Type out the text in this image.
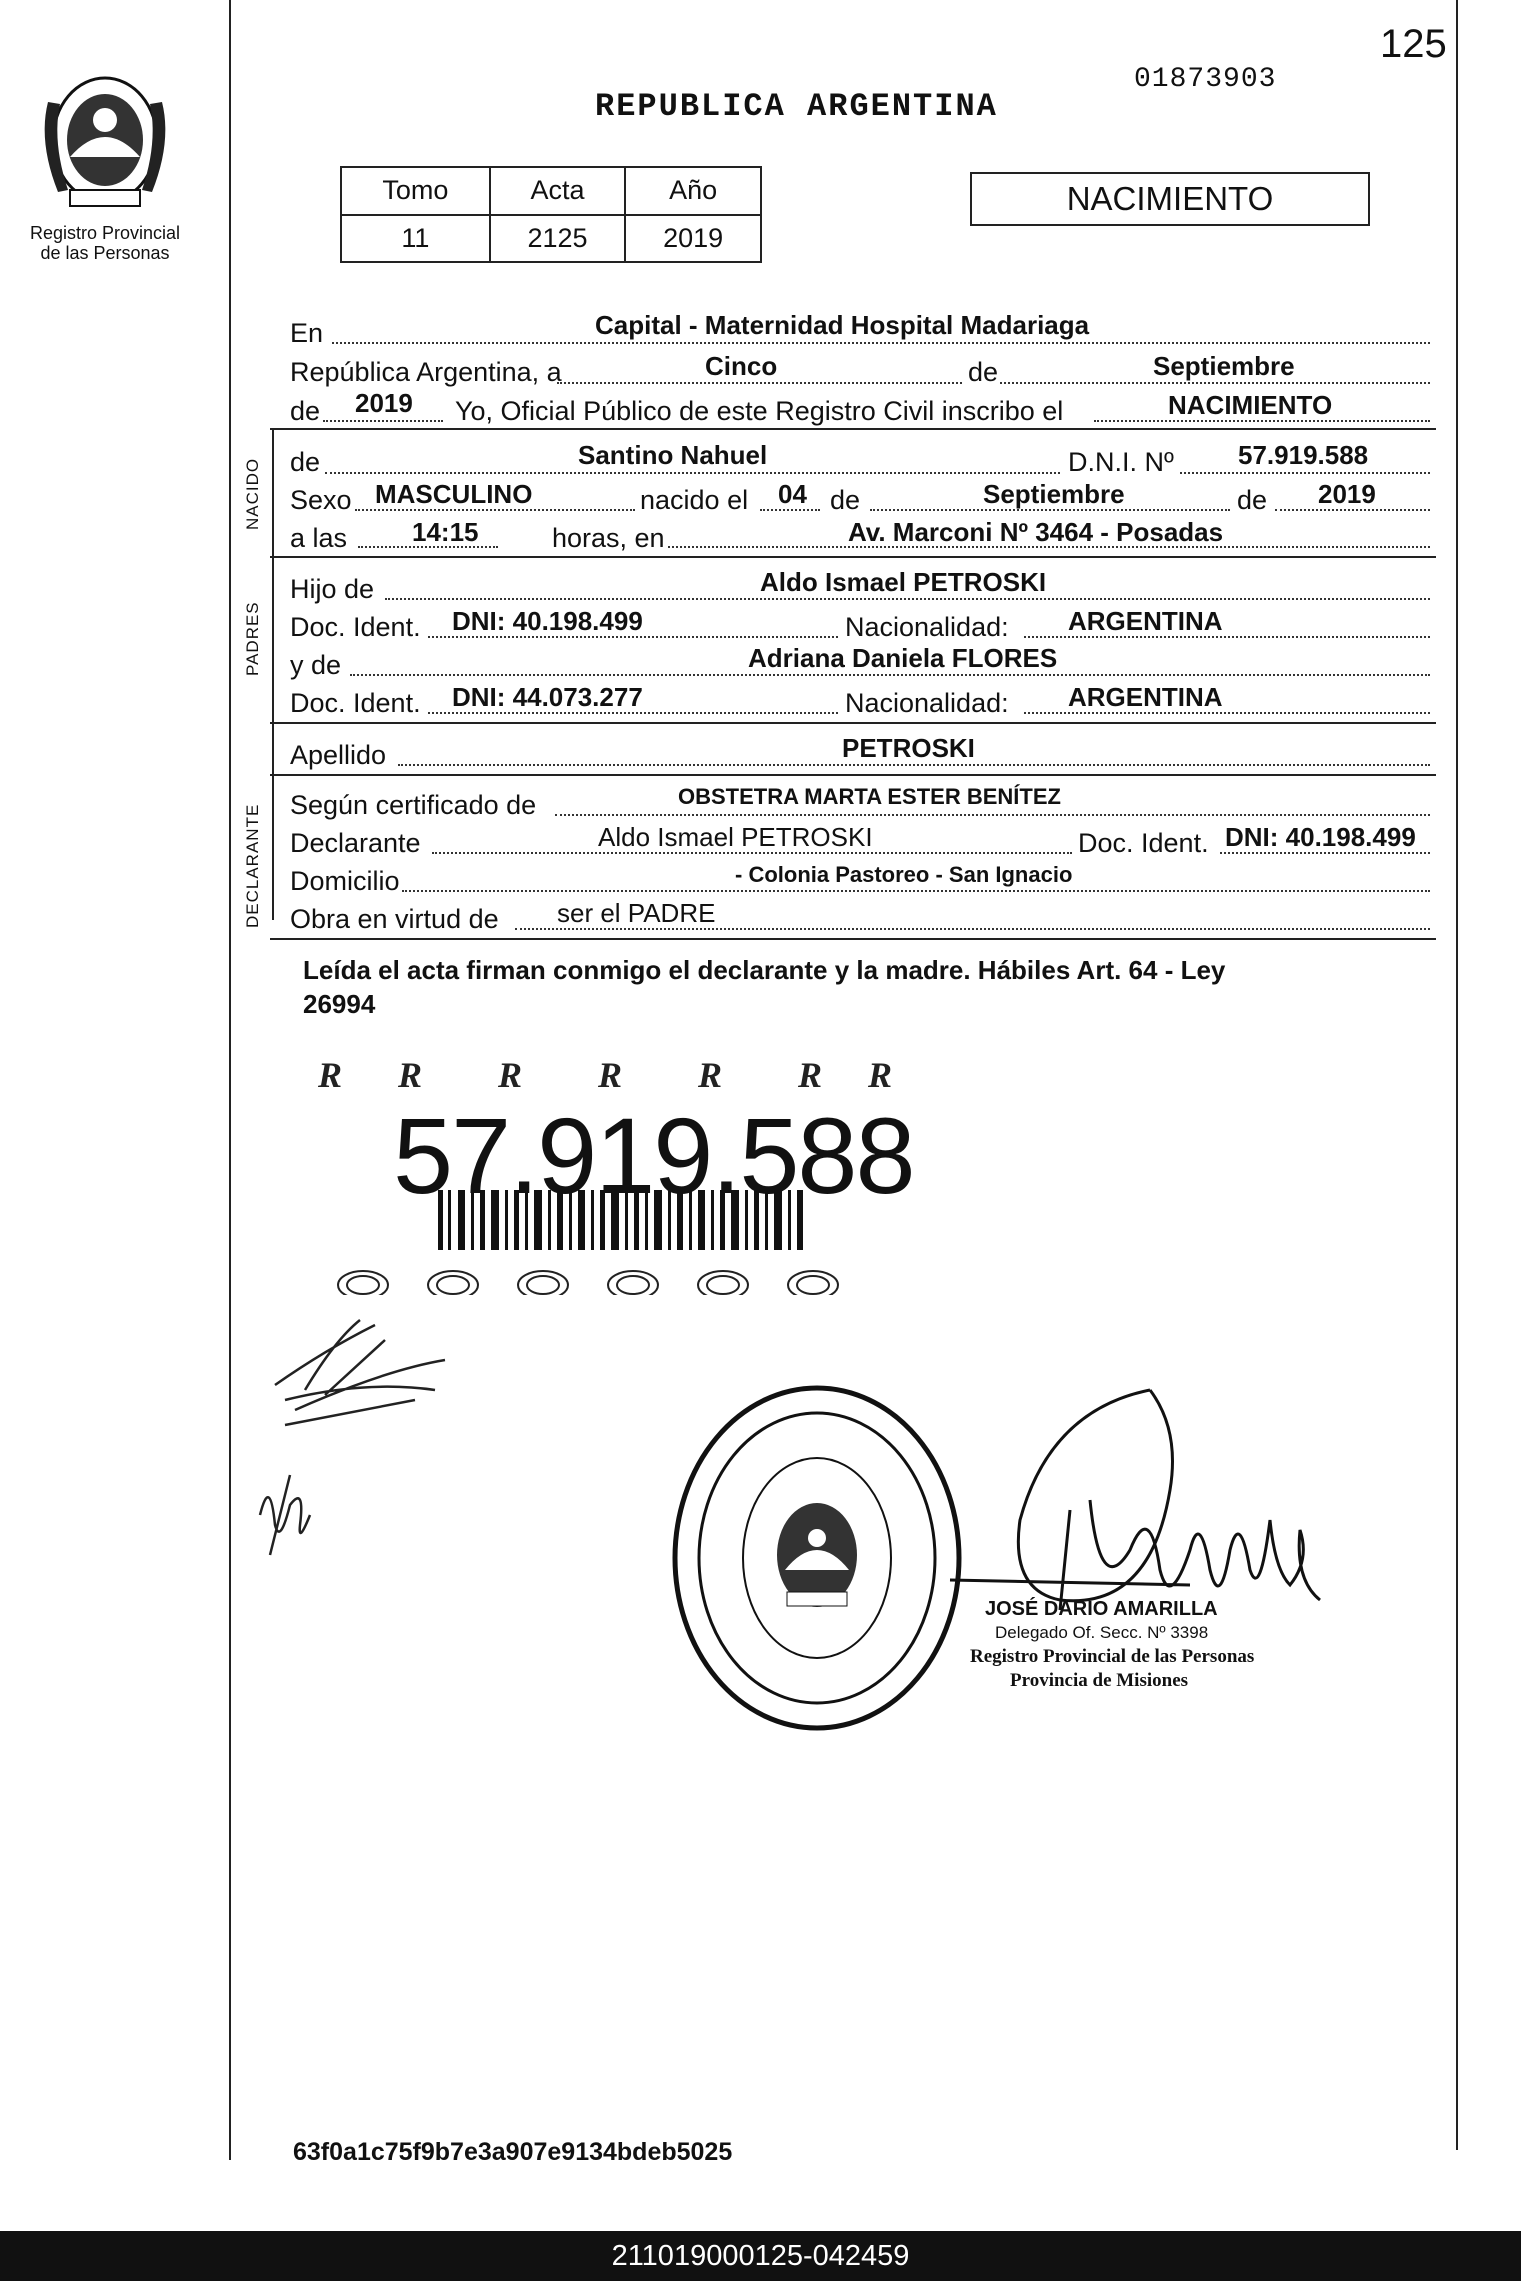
125
01873903
Registro Provincial
de las Personas
REPUBLICA ARGENTINA
Tomo	Acta	Año
11	2125	2019
NACIMIENTO
En	Capital - Maternidad Hospital Madariaga
República Argentina, a	Cinco	de	Septiembre
de 2019 Yo, Oficial Público de este Registro Civil inscribo el	NACIMIENTO
NACIDO de	Santino Nahuel	D.N.I. Nº 57.919.588
Sexo MASCULINO	nacido el 04 de	Septiembre	de 2019
a las 14:15	horas, en	Av. Marconi Nº 3464 - Posadas
PADRES
Hijo de	Aldo Ismael PETROSKI
Doc. Ident. DNI: 40.198.499	Nacionalidad: ARGENTINA
y de	Adriana Daniela FLORES
Doc. Ident. DNI: 44.073.277	Nacionalidad: ARGENTINA
Apellido	PETROSKI
DECLARANTE Según certificado de	OBSTETRA MARTA ESTER BENÍTEZ
Declarante	Aldo Ismael PETROSKI	Doc. Ident. DNI: 40.198.499
Domicilio	- Colonia Pastoreo - San Ignacio
Obra en virtud de ser el PADRE
Leída el acta firman conmigo el declarante y la madre. Hábiles Art. 64 - Ley
26994
R R R R R R R
57.919.588
JOSÉ DARIO AMARILLA
Delegado Of. Secc. Nº 3398
Registro Provincial de las Personas
Provincia de Misiones
63f0a1c75f9b7e3a907e9134bdeb5025
211019000125-042459
